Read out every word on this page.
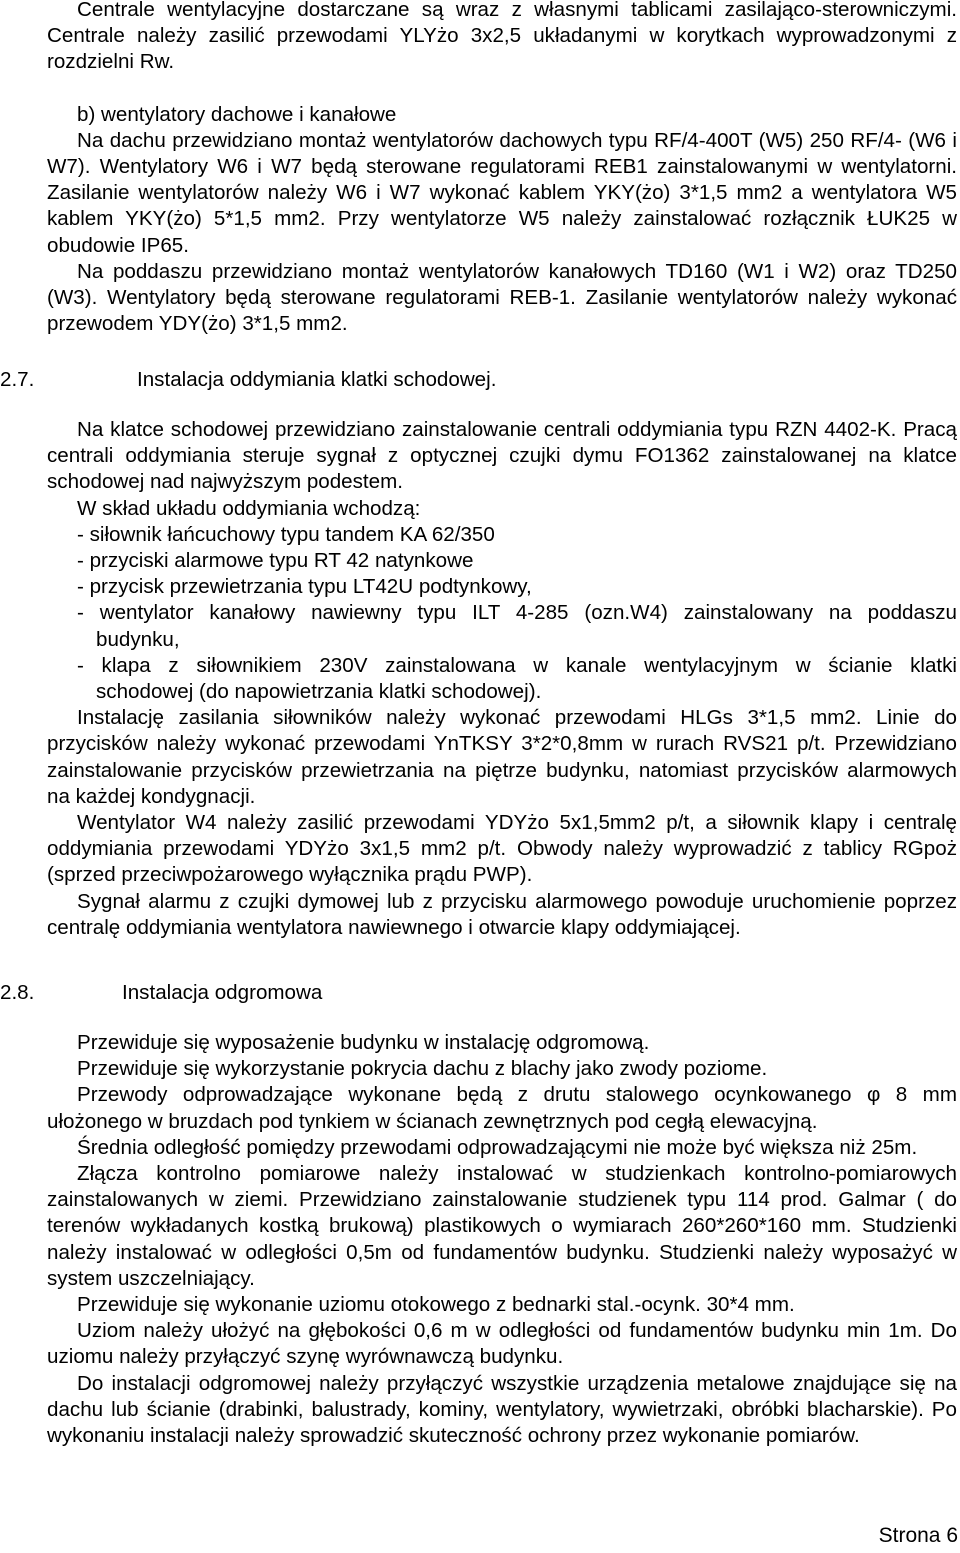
Centrale wentylacyjne dostarczane są wraz z własnymi tablicami zasilająco-sterowniczymi. Centrale należy zasilić przewodami YLYżo 3x2,5 układanymi w korytkach wyprowadzonymi z rozdzielni Rw.

b) wentylatory dachowe i kanałowe

Na dachu przewidziano montaż wentylatorów dachowych typu RF/4-400T (W5) 250 RF/4- (W6 i W7). Wentylatory W6 i W7 będą sterowane regulatorami REB1 zainstalowanymi w wentylatorni. Zasilanie wentylatorów należy W6 i W7 wykonać kablem YKY(żo) 3*1,5 mm2 a wentylatora W5 kablem YKY(żo) 5*1,5 mm2. Przy wentylatorze W5 należy zainstalować rozłącznik ŁUK25 w obudowie IP65.

Na poddaszu przewidziano montaż wentylatorów kanałowych TD160 (W1 i W2) oraz TD250 (W3). Wentylatory będą sterowane regulatorami REB-1. Zasilanie wentylatorów należy wykonać przewodem YDY(żo) 3*1,5 mm2.

2.7.	Instalacja oddymiania klatki schodowej.

Na klatce schodowej przewidziano zainstalowanie centrali oddymiania typu RZN 4402-K. Pracą centrali oddymiania steruje sygnał z optycznej czujki dymu FO1362 zainstalowanej na klatce schodowej nad najwyższym podestem.

W skład układu oddymiania wchodzą:

- siłownik łańcuchowy typu tandem KA 62/350

- przyciski alarmowe typu RT 42 natynkowe

- przycisk przewietrzania typu LT42U podtynkowy,

- wentylator kanałowy nawiewny typu ILT 4-285 (ozn.W4) zainstalowany na poddaszu
budynku,

- klapa z siłownikiem 230V zainstalowana w kanale wentylacyjnym w ścianie klatki
schodowej (do napowietrzania klatki schodowej).

Instalację zasilania siłowników należy wykonać przewodami HLGs 3*1,5 mm2. Linie do przycisków należy wykonać przewodami YnTKSY 3*2*0,8mm w rurach RVS21 p/t. Przewidziano zainstalowanie przycisków przewietrzania na piętrze budynku, natomiast przycisków alarmowych na każdej kondygnacji.

Wentylator W4 należy zasilić przewodami YDYżo 5x1,5mm2 p/t, a siłownik klapy i centralę oddymiania przewodami YDYżo 3x1,5 mm2 p/t. Obwody należy wyprowadzić z tablicy RGpoż (sprzed przeciwpożarowego wyłącznika prądu PWP).

Sygnał alarmu z czujki dymowej lub z przycisku alarmowego powoduje uruchomienie poprzez centralę oddymiania wentylatora nawiewnego i otwarcie klapy oddymiającej.

2.8.	Instalacja odgromowa

Przewiduje się wyposażenie budynku w instalację odgromową.

Przewiduje się wykorzystanie pokrycia dachu z blachy jako zwody poziome.

Przewody odprowadzające wykonane będą z drutu stalowego ocynkowanego φ 8 mm ułożonego w bruzdach pod tynkiem w ścianach zewnętrznych pod cegłą elewacyjną.

Średnia odległość pomiędzy przewodami odprowadzającymi nie może być większa niż 25m.

Złącza kontrolno pomiarowe należy instalować w studzienkach kontrolno-pomiarowych zainstalowanych w ziemi. Przewidziano zainstalowanie studzienek typu 114 prod. Galmar ( do terenów wykładanych kostką brukową) plastikowych o wymiarach 260*260*160 mm. Studzienki należy instalować w odległości 0,5m od fundamentów budynku. Studzienki należy wyposażyć w system uszczelniający.

Przewiduje się wykonanie uziomu otokowego z bednarki stal.-ocynk. 30*4 mm.

Uziom należy ułożyć na głębokości 0,6 m w odległości od fundamentów budynku min 1m. Do uziomu należy przyłączyć szynę wyrównawczą budynku.

Do instalacji odgromowej należy przyłączyć wszystkie urządzenia metalowe znajdujące się na dachu lub ścianie (drabinki, balustrady, kominy, wentylatory, wywietrzaki, obróbki blacharskie). Po wykonaniu instalacji należy sprowadzić skuteczność ochrony przez wykonanie pomiarów.

Strona 6
